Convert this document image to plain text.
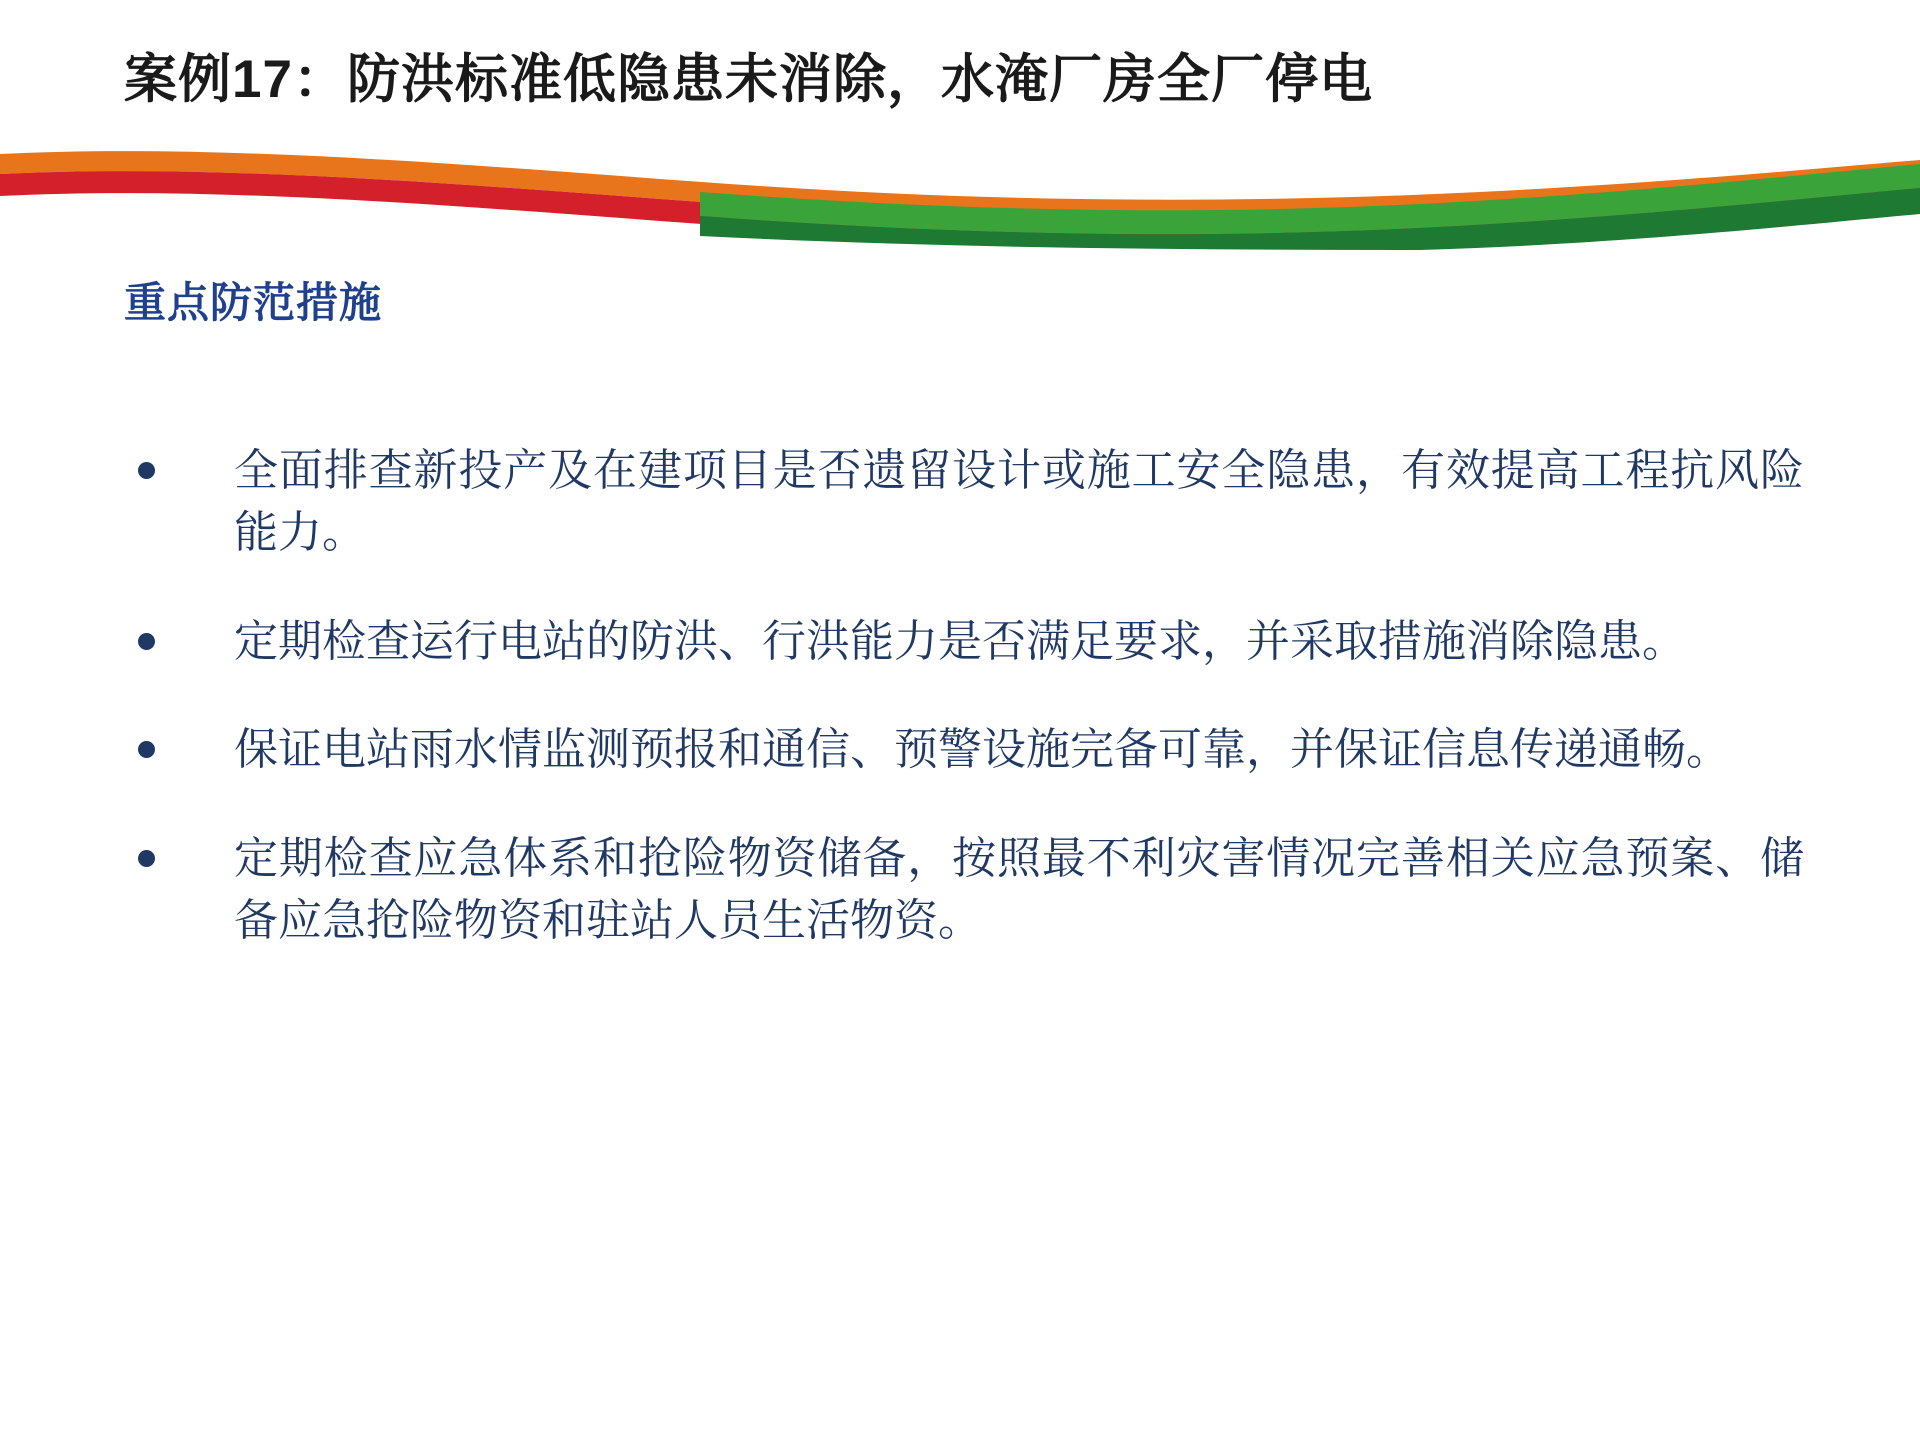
案例17：防洪标准低隐患未消除，水淹厂房全厂停电
重点防范措施
全面排查新投产及在建项目是否遗留设计或施工安全隐患，有效提高工程抗风险能力。
定期检查运行电站的防洪、行洪能力是否满足要求，并采取措施消除隐患。
保证电站雨水情监测预报和通信、预警设施完备可靠，并保证信息传递通畅。
定期检查应急体系和抢险物资储备，按照最不利灾害情况完善相关应急预案、储备应急抢险物资和驻站人员生活物资。
